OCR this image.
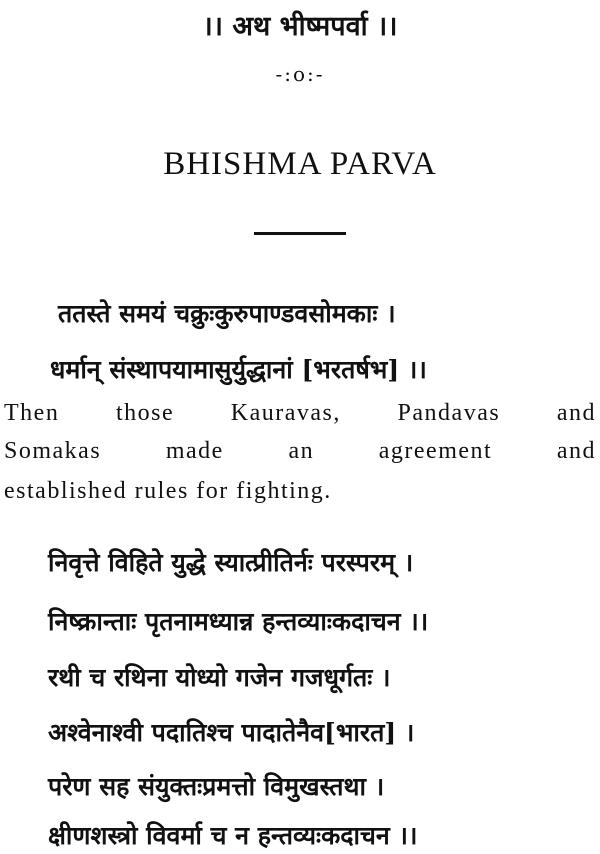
।। अथ भीष्मपर्वा ।।
-:o:-
BHISHMA PARVA
ततस्ते समयं चक्रुःकुरुपाण्डवसोमकाः ।
धर्मान् संस्थापयामासुर्युद्धानां [भरतर्षभ] ।।
Then those Kauravas, Pandavas and
Somakas made an agreement and
established rules for fighting.
निवृत्ते विहिते युद्धे स्यात्प्रीतिर्नः परस्परम् ।
निष्क्रान्ताः पृतनामध्यान्न हन्तव्याःकदाचन ।।
रथी च रथिना योध्यो गजेन गजधूर्गतः ।
अश्वेनाश्वी पदातिश्च पादातेनैव[भारत] ।
परेण सह संयुक्तःप्रमत्तो विमुखस्तथा ।
क्षीणशस्त्रो विवर्मा च न हन्तव्यःकदाचन ।।
